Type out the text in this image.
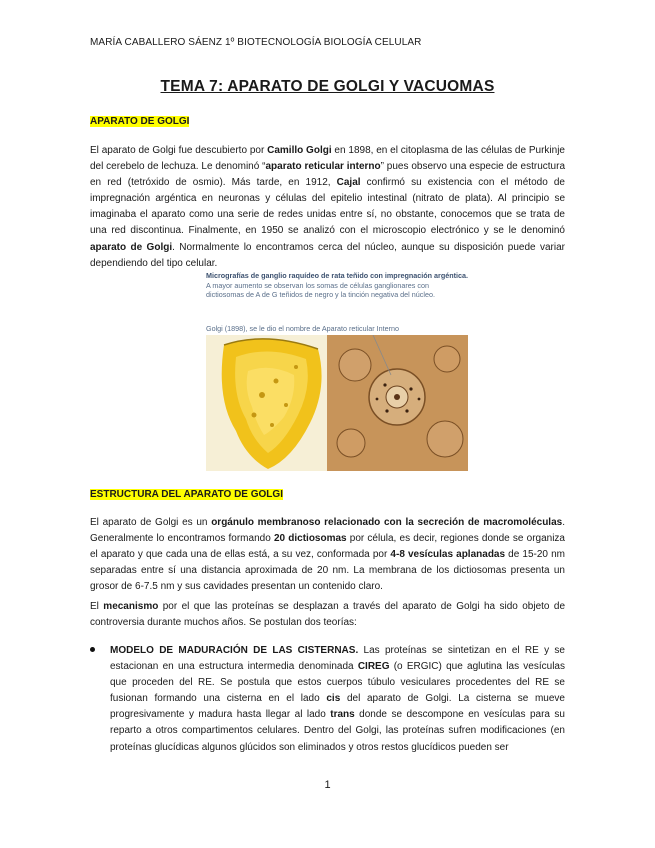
MARÍA CABALLERO SÁENZ 1º BIOTECNOLOGÍA BIOLOGÍA CELULAR
TEMA 7: APARATO DE GOLGI Y VACUOMAS
APARATO DE GOLGI
El aparato de Golgi fue descubierto por Camillo Golgi en 1898, en el citoplasma de las células de Purkinje del cerebelo de lechuza. Le denominó “aparato reticular interno” pues observo una especie de estructura en red (tetróxido de osmio). Más tarde, en 1912, Cajal confirmó su existencia con el método de impregnación argéntica en neuronas y células del epitelio intestinal (nitrato de plata). Al principio se imaginaba el aparato como una serie de redes unidas entre sí, no obstante, conocemos que se trata de una red discontinua. Finalmente, en 1950 se analizó con el microscopio electrónico y se le denominó aparato de Golgi. Normalmente lo encontramos cerca del núcleo, aunque su disposición puede variar dependiendo del tipo celular.
Micrografías de ganglio raquídeo de rata teñido con impregnación argéntica.
A mayor aumento se observan los somas de células ganglionares con dictiosomas de A de G teñidos de negro y la tinción negativa del núcleo.
Golgi (1898), se le dio el nombre de Aparato reticular Interno
ESTRUCTURA DEL APARATO DE GOLGI
El aparato de Golgi es un orgánulo membranoso relacionado con la secreción de macromoléculas. Generalmente lo encontramos formando 20 dictiosomas por célula, es decir, regiones donde se organiza el aparato y que cada una de ellas está, a su vez, conformada por 4-8 vesículas aplanadas de 15-20 nm separadas entre sí una distancia aproximada de 20 nm. La membrana de los dictiosomas presenta un grosor de 6-7.5 nm y sus cavidades presentan un contenido claro.
El mecanismo por el que las proteínas se desplazan a través del aparato de Golgi ha sido objeto de controversia durante muchos años. Se postulan dos teorías:
MODELO DE MADURACIÓN DE LAS CISTERNAS. Las proteínas se sintetizan en el RE y se estacionan en una estructura intermedia denominada CIREG (o ERGIC) que aglutina las vesículas que proceden del RE. Se postula que estos cuerpos túbulo vesiculares procedentes del RE se fusionan formando una cisterna en el lado cis del aparato de Golgi. La cisterna se mueve progresivamente y madura hasta llegar al lado trans donde se descompone en vesículas para su reparto a otros compartimentos celulares. Dentro del Golgi, las proteínas sufren modificaciones (en proteínas glucídicas algunos glúcidos son eliminados y otros restos glucídicos pueden ser
1
